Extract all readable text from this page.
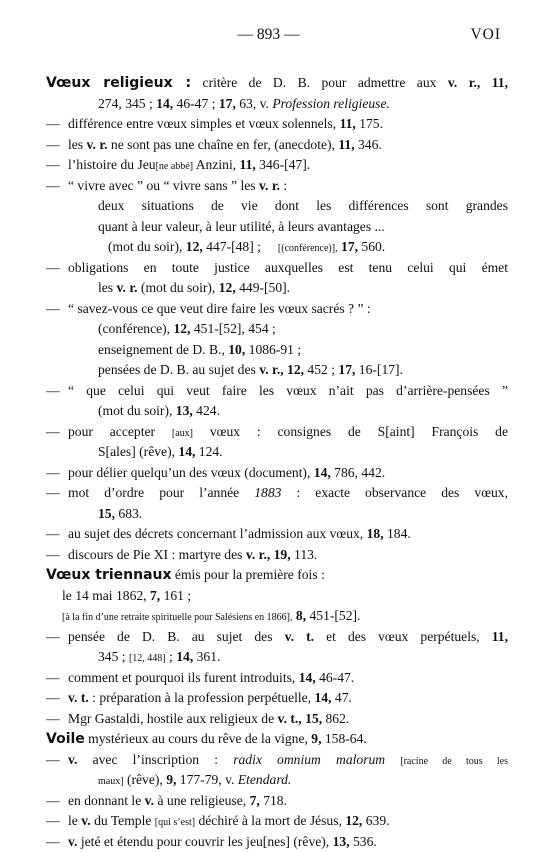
— 893 —	VOI
Vœux religieux : critère de D. B. pour admettre aux v. r., 11,
274, 345 ; 14, 46-47 ; 17, 63, v. Profession religieuse.
— différence entre vœux simples et vœux solennels, 11, 175.
— les v. r. ne sont pas une chaîne en fer, (anecdote), 11, 346.
— l’histoire du Jeu[ne abbé] Anzini, 11, 346-[47].
— “ vivre avec ” ou “ vivre sans ” les v. r. :
deux situations de vie dont les différences sont grandes
quant à leur valeur, à leur utilité, à leurs avantages ...
(mot du soir), 12, 447-[48] ;     [(conférence)], 17, 560.
— obligations en toute justice auxquelles est tenu celui qui émet
les v. r. (mot du soir), 12, 449-[50].
— “ savez-vous ce que veut dire faire les vœux sacrés ? ” :
(conférence), 12, 451-[52], 454 ;
enseignement de D. B., 10, 1086-91 ;
pensées de D. B. au sujet des v. r., 12, 452 ; 17, 16-[17].
— “ que celui qui veut faire les vœux n’ait pas d’arrière-pensées ”
(mot du soir), 13, 424.
— pour accepter [aux] vœux : consignes de S[aint] François de
S[ales] (rêve), 14, 124.
— pour délier quelqu’un des vœux (document), 14, 786, 442.
— mot d’ordre pour l’année 1883 : exacte observance des vœux,
15, 683.
— au sujet des décrets concernant l’admission aux vœux, 18, 184.
— discours de Pie XI : martyre des v. r., 19, 113.
Vœux triennaux émis pour la première fois :
le 14 mai 1862, 7, 161 ;
[à la fin d’une retraite spirituelle pour Salésiens en 1866], 8, 451-[52].
— pensée de D. B. au sujet des v. t. et des vœux perpétuels, 11,
345 ; [12, 448] ; 14, 361.
— comment et pourquoi ils furent introduits, 14, 46-47.
— v. t. : préparation à la profession perpétuelle, 14, 47.
— Mgr Gastaldi, hostile aux religieux de v. t., 15, 862.
Voile mystérieux au cours du rêve de la vigne, 9, 158-64.
— v. avec l’inscription : radix omnium malorum [racine de tous les
maux] (rêve), 9, 177-79, v. Etendard.
— en donnant le v. à une religieuse, 7, 718.
— le v. du Temple [qui s’est] déchiré à la mort de Jésus, 12, 639.
— v. jeté et étendu pour couvrir les jeu[nes] (rêve), 13, 536.
